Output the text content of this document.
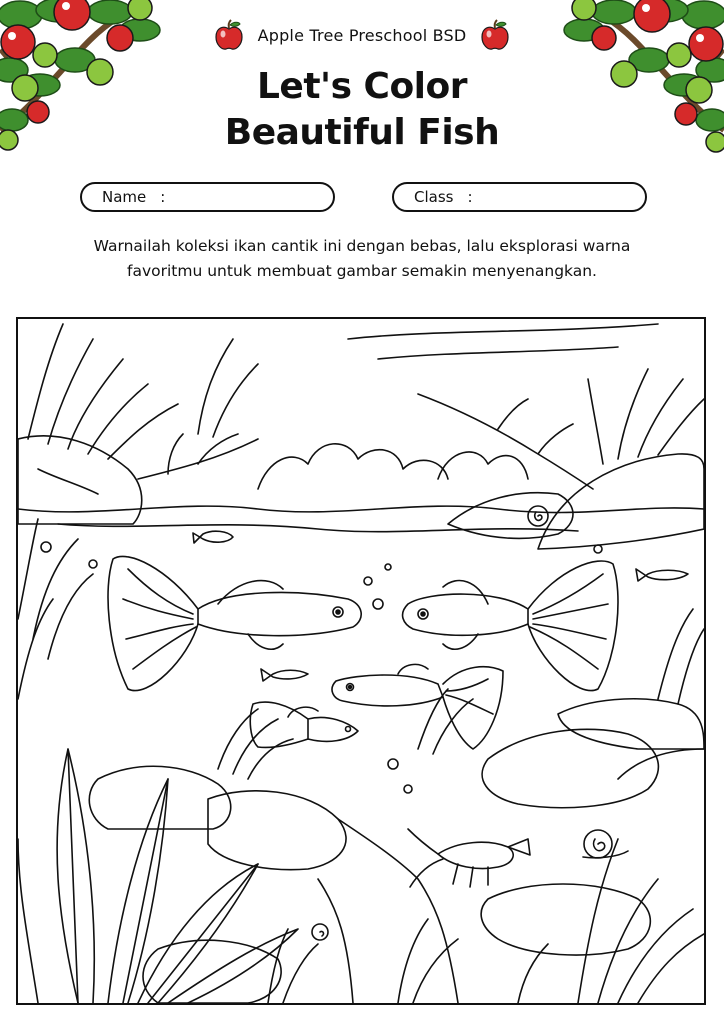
Apple Tree Preschool BSD
Let's Color
Beautiful Fish
Name :	Class :
Warnailah koleksi ikan cantik ini dengan bebas, lalu eksplorasi warna
favoritmu untuk membuat gambar semakin menyenangkan.
